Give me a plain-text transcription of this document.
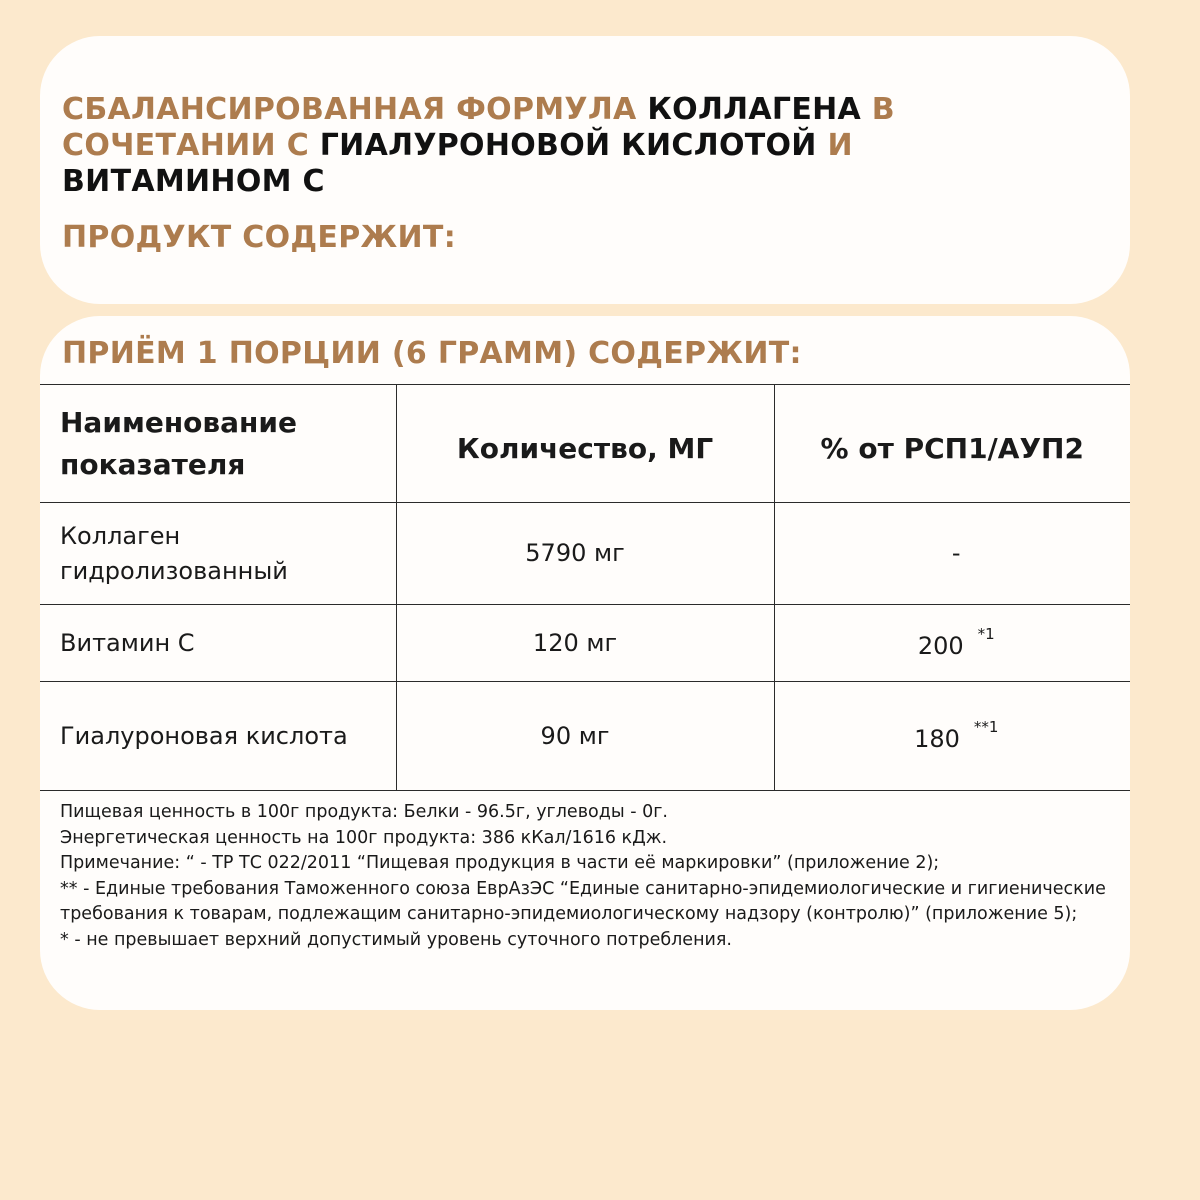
СБАЛАНСИРОВАННАЯ ФОРМУЛА КОЛЛАГЕНА В СОЧЕТАНИИ С ГИАЛУРОНОВОЙ КИСЛОТОЙ И
ВИТАМИНОМ С
ПРОДУКТ СОДЕРЖИТ:
ПРИЁМ 1 ПОРЦИИ (6 ГРАММ) СОДЕРЖИТ:
Наименование показателя	Количество, МГ	% от РСП1/АУП2
Коллаген гидролизованный	5790 мг	-
Витамин С	120 мг	200 $^{*1}$
Гиалуроновая кислота	90 мг	180 $^{**1}$

Пищевая ценность в 100г продукта: Белки - 96.5г, углеводы - 0г.

Энергетическая ценность на 100г продукта: 386 кКал/1616 кДж.

Примечание: “ - ТР ТС 022/2011 “Пищевая продукция в части её маркировки” (приложение 2);

** - Единые требования Таможенного союза ЕврАзЭС “Единые санитарно-эпидемиологические и гигиенические требования к товарам, подлежащим санитарно-эпидемиологическому надзору (контролю)” (приложение 5);

* - не превышает верхний допустимый уровень суточного потребления.
